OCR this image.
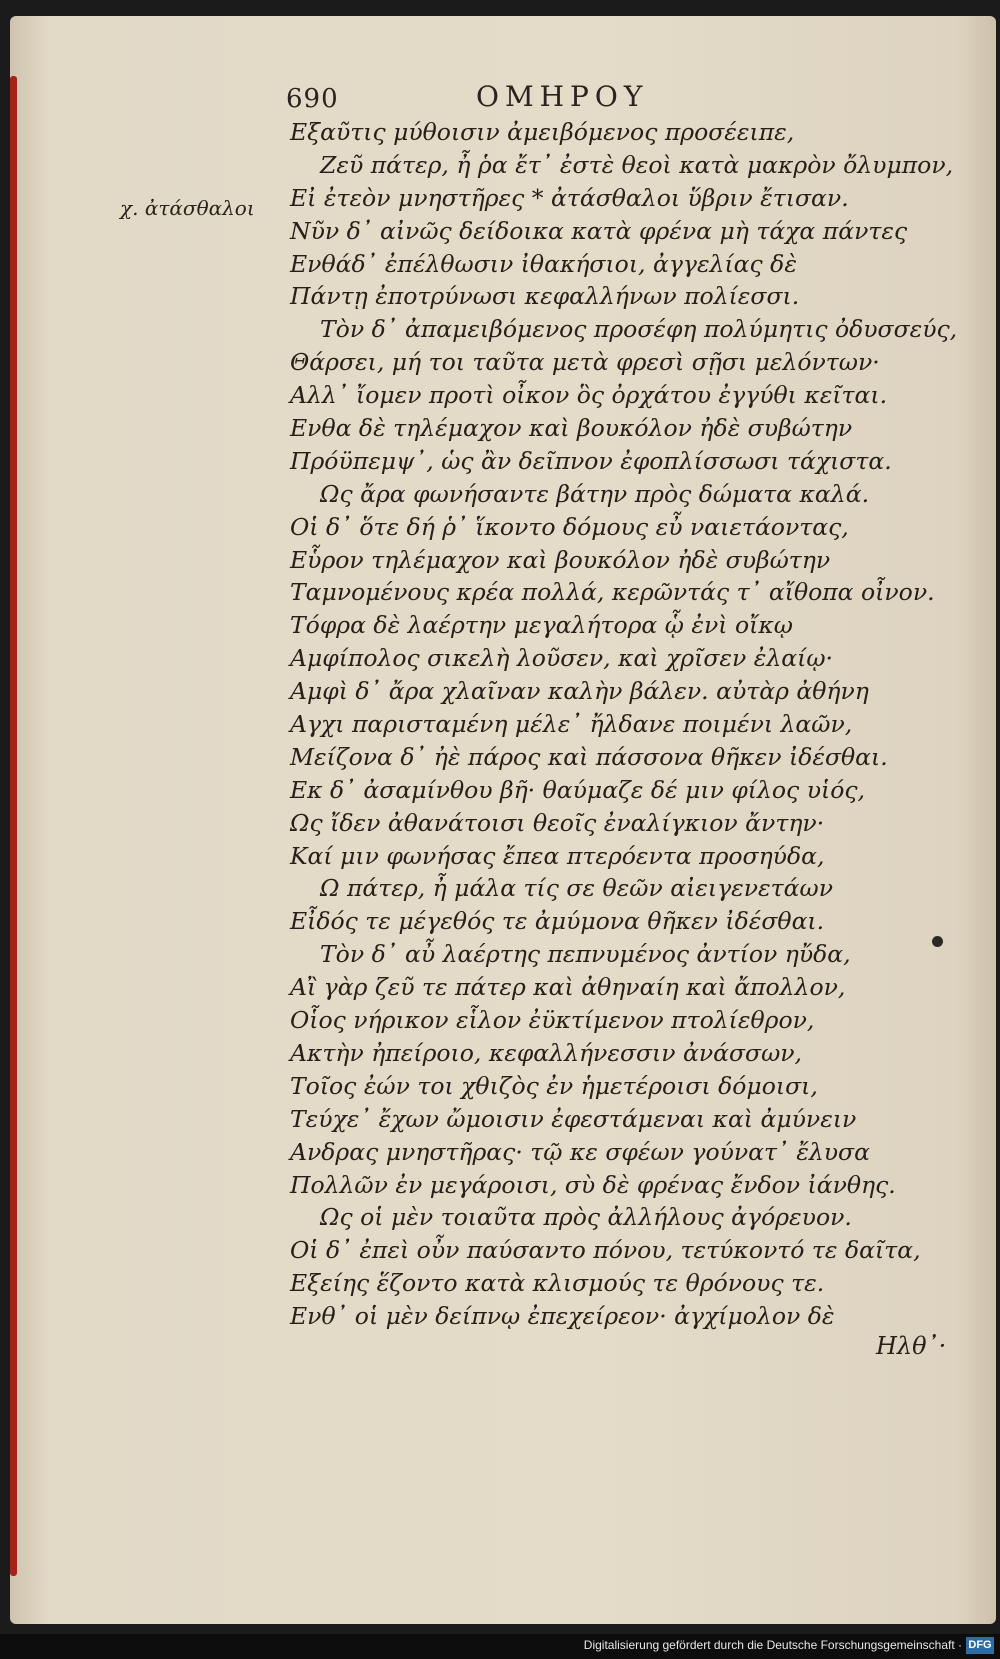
690	ΟΜΗΡΟΥ
χ. ἀτάσθαλοι
Εξαῦτις μύθοισιν ἀμειβόμενος προσέειπε,
Ζεῦ πάτερ, ἦ ῥα ἔτ᾽ ἐστὲ θεοὶ κατὰ μακρὸν ὄλυμπον,
Εἰ ἐτεὸν μνηστῆρες * ἀτάσθαλοι ὕβριν ἔτισαν.
Νῦν δ᾽ αἰνῶς δείδοικα κατὰ φρένα μὴ τάχα πάντες
Ενθάδ᾽ ἐπέλθωσιν ἰθακήσιοι, ἀγγελίας δὲ
Πάντῃ ἐποτρύνωσι κεφαλλήνων πολίεσσι.
Τὸν δ᾽ ἀπαμειβόμενος προσέφη πολύμητις ὀδυσσεύς,
Θάρσει, μή τοι ταῦτα μετὰ φρεσὶ σῇσι μελόντων·
Αλλ᾽ ἴομεν προτὶ οἶκον ὃς ὀρχάτου ἐγγύθι κεῖται.
Ενθα δὲ τηλέμαχον καὶ βουκόλον ἠδὲ συβώτην
Πρόϋπεμψ᾽, ὡς ἂν δεῖπνον ἐφοπλίσσωσι τάχιστα.
Ως ἄρα φωνήσαντε βάτην πρὸς δώματα καλά.
Οἱ δ᾽ ὅτε δή ῥ᾽ ἵκοντο δόμους εὖ ναιετάοντας,
Εὗρον τηλέμαχον καὶ βουκόλον ἠδὲ συβώτην
Ταμνομένους κρέα πολλά, κερῶντάς τ᾽ αἴθοπα οἶνον.
Τόφρα δὲ λαέρτην μεγαλήτορα ᾧ ἐνὶ οἴκῳ
Αμφίπολος σικελὴ λοῦσεν, καὶ χρῖσεν ἐλαίῳ·
Αμφὶ δ᾽ ἄρα χλαῖναν καλὴν βάλεν. αὐτὰρ ἀθήνη
Αγχι παρισταμένη μέλε᾽ ἤλδανε ποιμένι λαῶν,
Μείζονα δ᾽ ἠὲ πάρος καὶ πάσσονα θῆκεν ἰδέσθαι.
Εκ δ᾽ ἀσαμίνθου βῆ· θαύμαζε δέ μιν φίλος υἱός,
Ως ἴδεν ἀθανάτοισι θεοῖς ἐναλίγκιον ἄντην·
Καί μιν φωνήσας ἔπεα πτερόεντα προσηύδα,
Ω πάτερ, ἦ μάλα τίς σε θεῶν αἰειγενετάων
Εἶδός τε μέγεθός τε ἀμύμονα θῆκεν ἰδέσθαι.
Τὸν δ᾽ αὖ λαέρτης πεπνυμένος ἀντίον ηὔδα,
Αἲ γὰρ ζεῦ τε πάτερ καὶ ἀθηναίη καὶ ἄπολλον,
Οἷος νήρικον εἷλον ἐϋκτίμενον πτολίεθρον,
Ακτὴν ἠπείροιο, κεφαλλήνεσσιν ἀνάσσων,
Τοῖος ἐών τοι χθιζὸς ἐν ἡμετέροισι δόμοισι,
Τεύχε᾽ ἔχων ὤμοισιν ἐφεστάμεναι καὶ ἀμύνειν
Ανδρας μνηστῆρας· τῷ κε σφέων γούνατ᾽ ἔλυσα
Πολλῶν ἐν μεγάροισι, σὺ δὲ φρένας ἔνδον ἰάνθης.
Ως οἱ μὲν τοιαῦτα πρὸς ἀλλήλους ἀγόρευον.
Οἱ δ᾽ ἐπεὶ οὖν παύσαντο πόνου, τετύκοντό τε δαῖτα,
Εξείης ἕζοντο κατὰ κλισμούς τε θρόνους τε.
Ενθ᾽ οἱ μὲν δείπνῳ ἐπεχείρεον· ἀγχίμολον δὲ
Ηλθ᾽·
Digitalisierung gefördert durch die Deutsche Forschungsgemeinschaft · DFG
